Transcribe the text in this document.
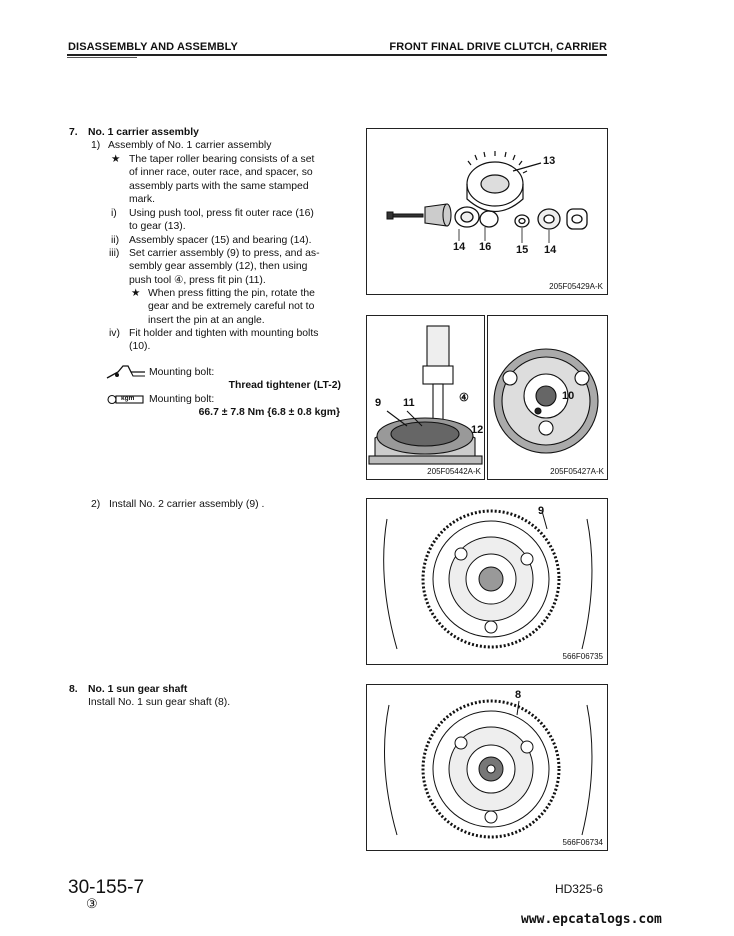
DISASSEMBLY AND ASSEMBLY	FRONT FINAL DRIVE CLUTCH, CARRIER
7. No. 1 carrier assembly
1) Assembly of No. 1 carrier assembly
★ The taper roller bearing consists of a set
of inner race, outer race, and spacer, so
assembly parts with the same stamped
mark.
i) Using push tool, press fit outer race (16)
to gear (13).
ii) Assembly spacer (15) and bearing (14).
iii) Set carrier assembly (9) to press, and as-
sembly gear assembly (12), then using
push tool ④, press fit pin (11).
★ When press fitting the pin, rotate the
gear and be extremely careful not to
insert the pin at an angle.
iv) Fit holder and tighten with mounting bolts
(10).
Mounting bolt:
Thread tightener (LT-2)
kgm Mounting bolt:
66.7 ± 7.8 Nm {6.8 ± 0.8 kgm}
2) Install No. 2 carrier assembly (9) .
8. No. 1 sun gear shaft
Install No. 1 sun gear shaft (8).
13
14 16 15 14
205F05429A-K
9 11	④
12
205F05442A-K
10
205F05427A-K
9
566F06735
8
566F06734
30-155-7
③
HD325-6
www.epcatalogs.com
